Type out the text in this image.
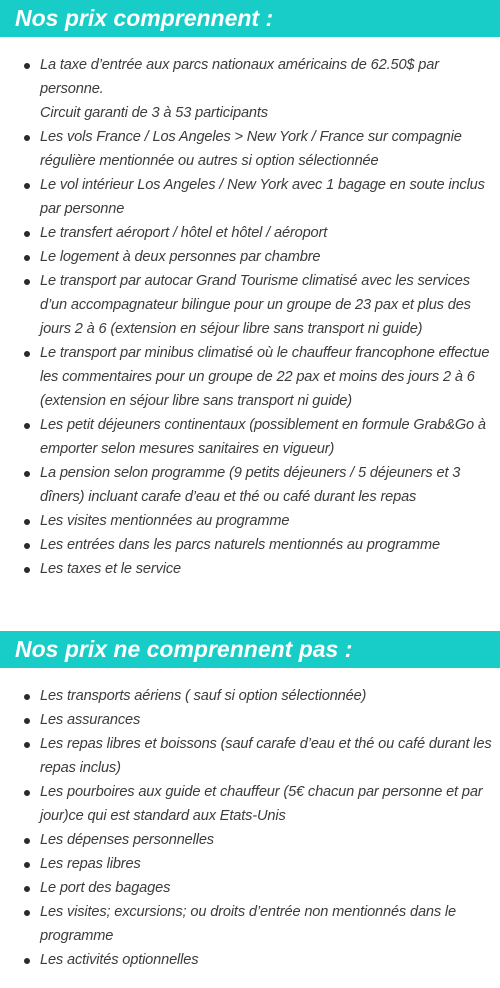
Nos prix comprennent :
La taxe d’entrée aux parcs nationaux américains de 62.50$ par personne.
Circuit garanti de 3 à 53 participants
Les vols France / Los Angeles > New York / France sur compagnie régulière mentionnée ou autres si option sélectionnée
Le vol intérieur Los Angeles / New York avec 1 bagage en soute inclus par personne
Le transfert aéroport / hôtel et hôtel / aéroport
Le logement à deux personnes par chambre
Le transport par autocar Grand Tourisme climatisé avec les services d’un accompagnateur bilingue pour un groupe de 23 pax et plus des jours 2 à 6 (extension en séjour libre sans transport ni guide)
Le transport par minibus climatisé où le chauffeur francophone effectue les commentaires pour un groupe de 22 pax et moins des jours 2 à 6 (extension en séjour libre sans transport ni guide)
Les petit déjeuners continentaux (possiblement en formule Grab&Go à emporter selon mesures sanitaires en vigueur)
La pension selon programme (9 petits déjeuners / 5 déjeuners et 3 dîners) incluant carafe d’eau et thé ou café durant les repas
Les visites mentionnées au programme
Les entrées dans les parcs naturels mentionnés au programme
Les taxes et le service
Nos prix ne comprennent pas :
Les transports aériens ( sauf si option sélectionnée)
Les assurances
Les repas libres et boissons (sauf carafe d’eau et thé ou café durant les repas inclus)
Les pourboires aux guide et chauffeur (5€ chacun par personne et par jour)ce qui est standard aux Etats-Unis
Les dépenses personnelles
Les repas libres
Le port des bagages
Les visites; excursions; ou droits d’entrée non mentionnés dans le programme
Les activités optionnelles
